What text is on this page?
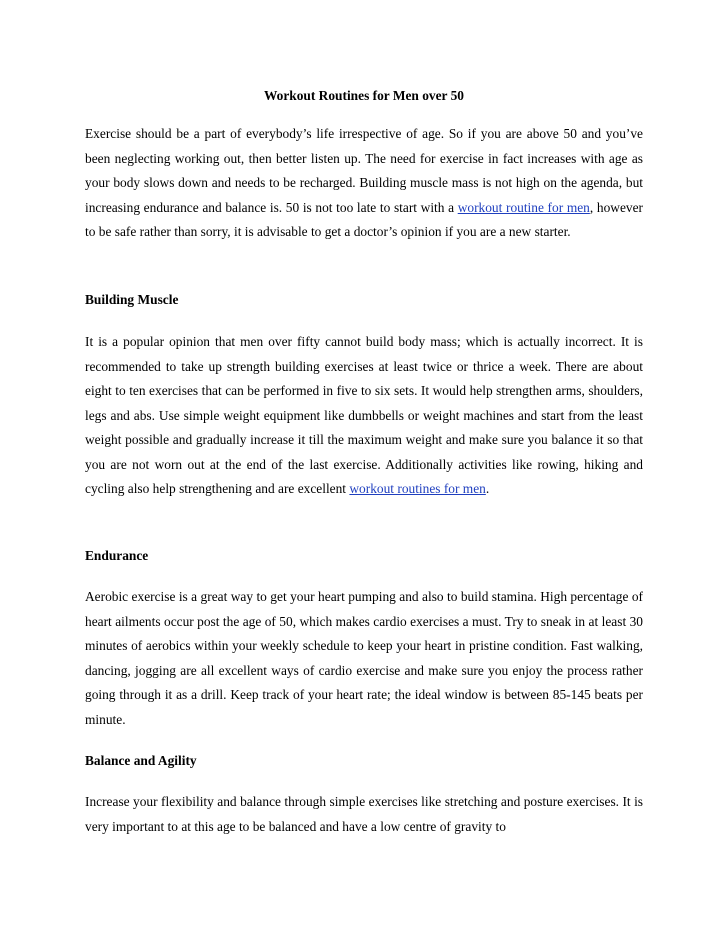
Workout Routines for Men over 50

Exercise should be a part of everybody’s life irrespective of age. So if you are above 50 and you’ve been neglecting working out, then better listen up. The need for exercise in fact increases with age as your body slows down and needs to be recharged. Building muscle mass is not high on the agenda, but increasing endurance and balance is. 50 is not too late to start with a workout routine for men, however to be safe rather than sorry, it is advisable to get a doctor’s opinion if you are a new starter.

Building Muscle

It is a popular opinion that men over fifty cannot build body mass; which is actually incorrect. It is recommended to take up strength building exercises at least twice or thrice a week. There are about eight to ten exercises that can be performed in five to six sets. It would help strengthen arms, shoulders, legs and abs. Use simple weight equipment like dumbbells or weight machines and start from the least weight possible and gradually increase it till the maximum weight and make sure you balance it so that you are not worn out at the end of the last exercise. Additionally activities like rowing, hiking and cycling also help strengthening and are excellent workout routines for men.

Endurance

Aerobic exercise is a great way to get your heart pumping and also to build stamina. High percentage of heart ailments occur post the age of 50, which makes cardio exercises a must. Try to sneak in at least 30 minutes of aerobics within your weekly schedule to keep your heart in pristine condition. Fast walking, dancing, jogging are all excellent ways of cardio exercise and make sure you enjoy the process rather going through it as a drill. Keep track of your heart rate; the ideal window is between 85-145 beats per minute.

Balance and Agility

Increase your flexibility and balance through simple exercises like stretching and posture exercises. It is very important to at this age to be balanced and have a low centre of gravity to
